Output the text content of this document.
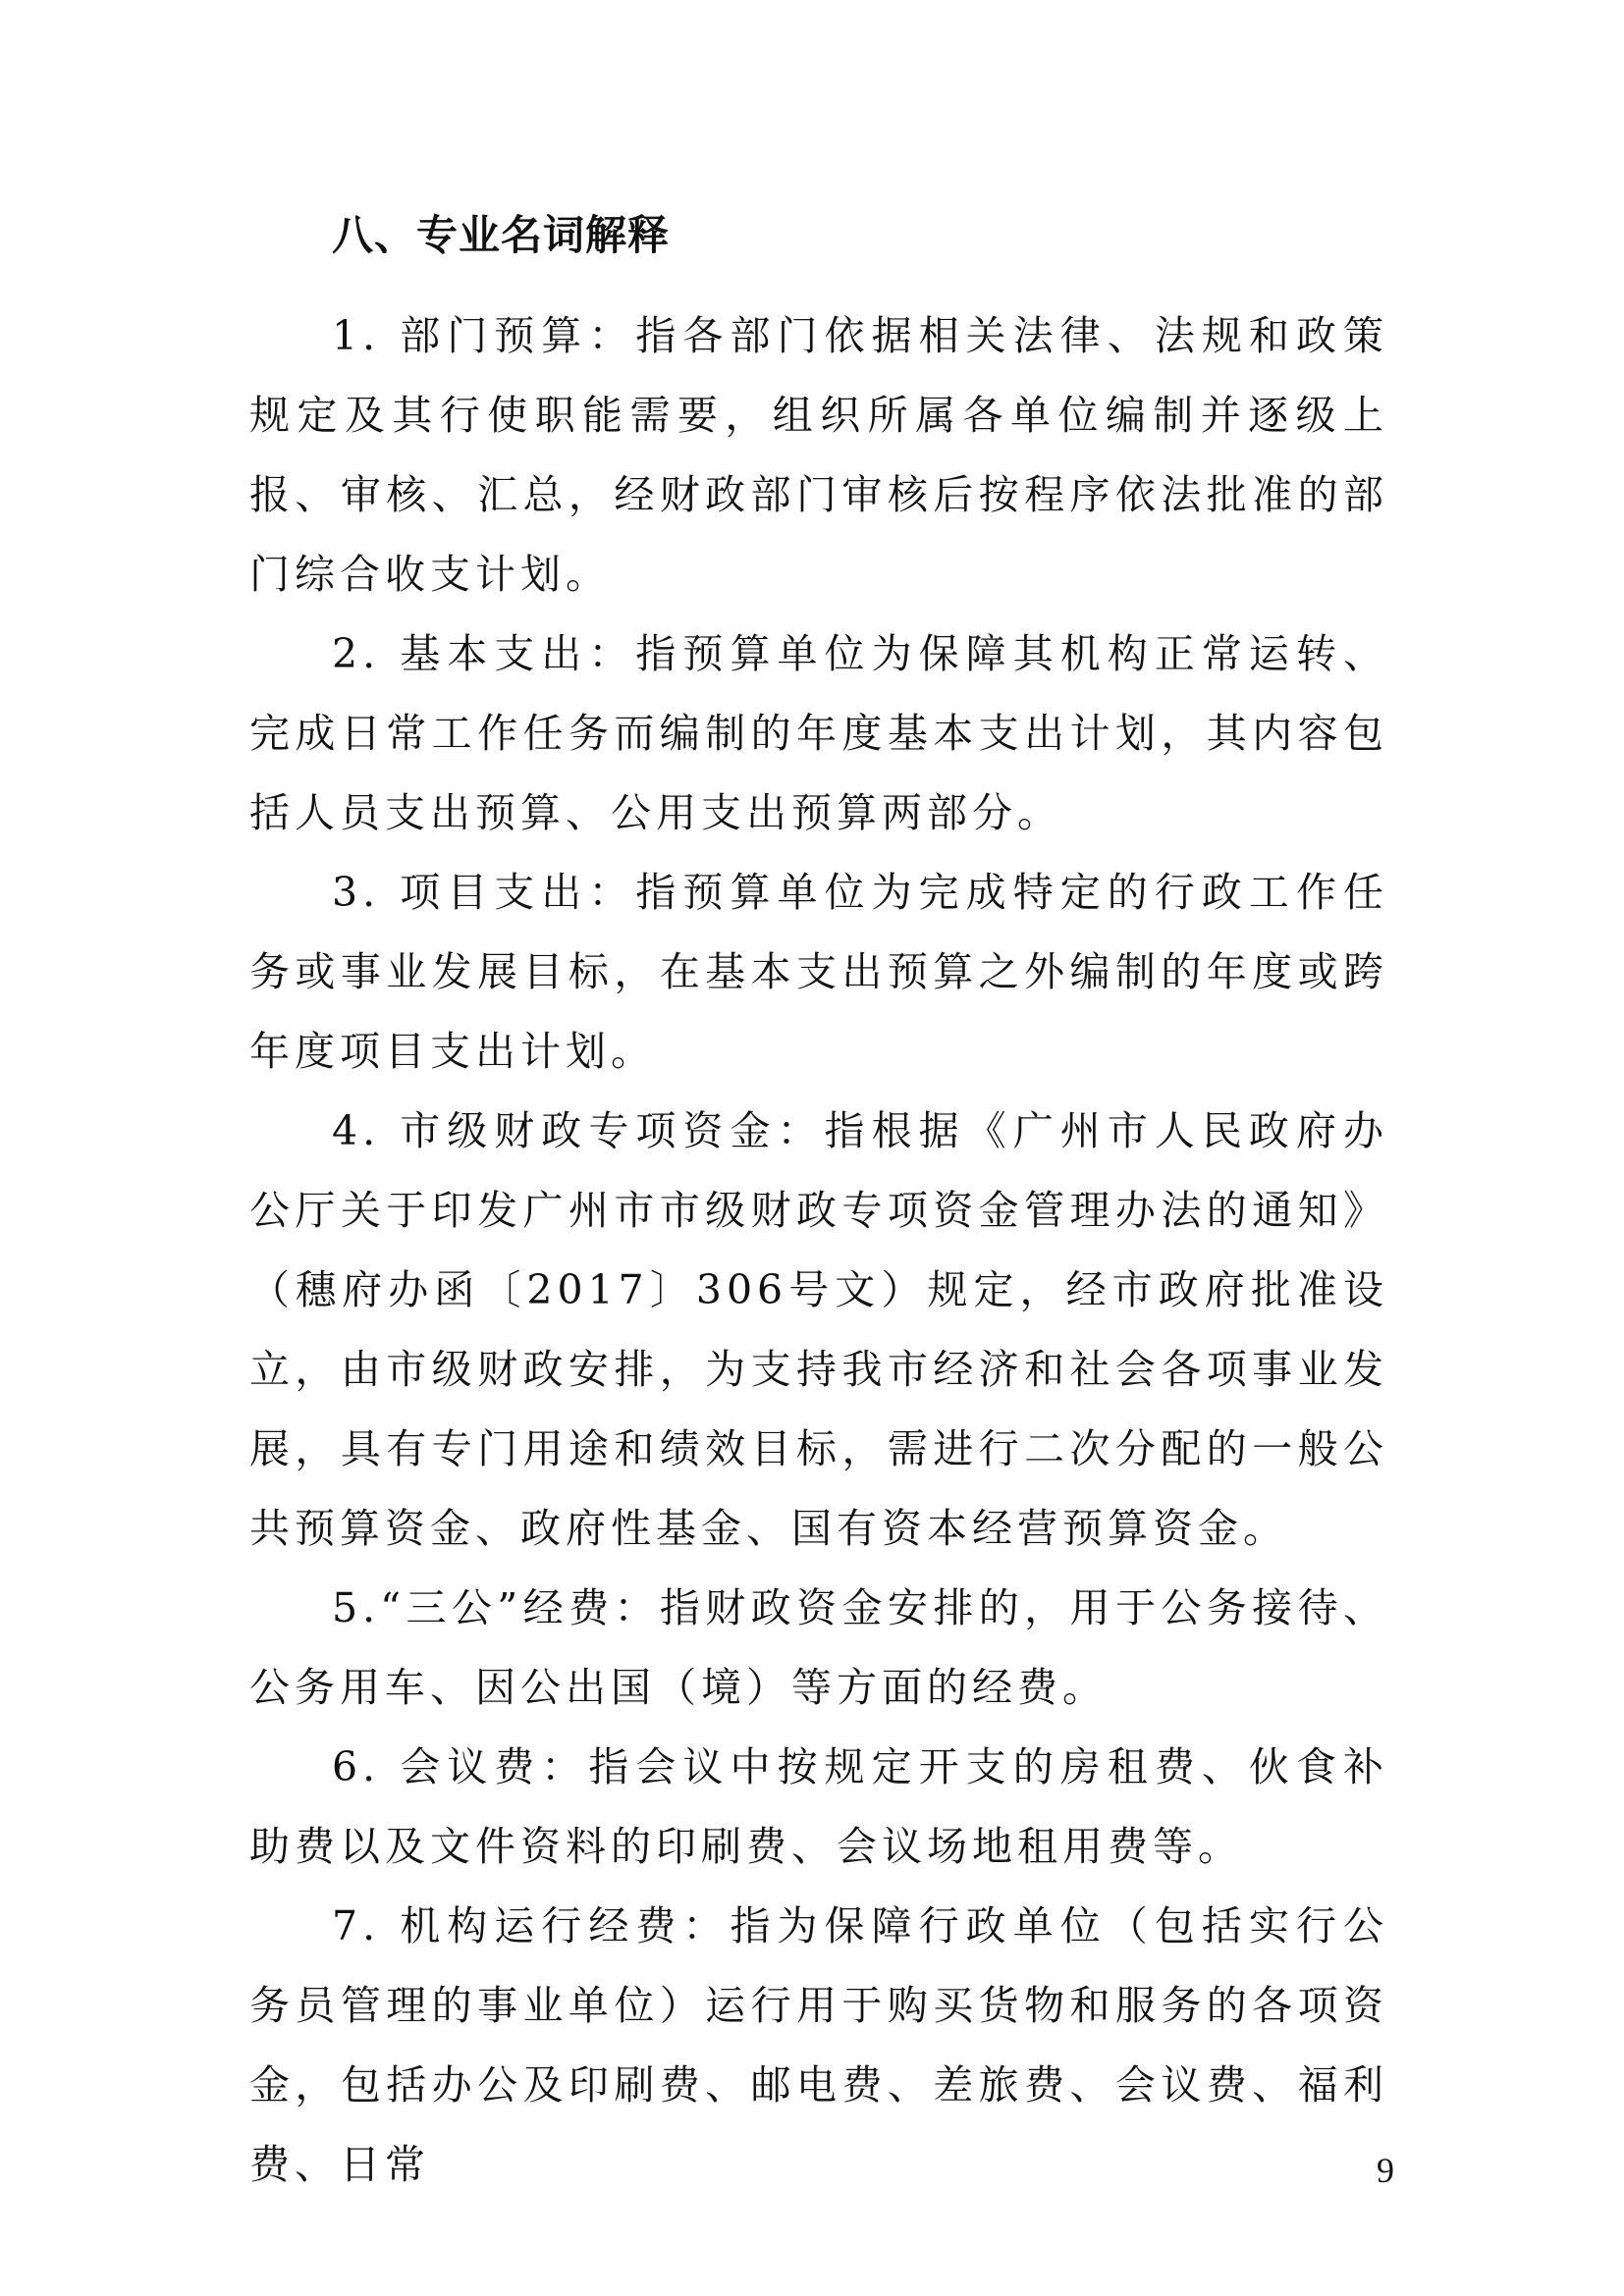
八、专业名词解释

1. 部门预算：指各部门依据相关法律、法规和政策规定及其行使职能需要，组织所属各单位编制并逐级上报、审核、汇总，经财政部门审核后按程序依法批准的部门综合收支计划。

2. 基本支出：指预算单位为保障其机构正常运转、完成日常工作任务而编制的年度基本支出计划，其内容包括人员支出预算、公用支出预算两部分。

3. 项目支出：指预算单位为完成特定的行政工作任务或事业发展目标，在基本支出预算之外编制的年度或跨年度项目支出计划。

4. 市级财政专项资金：指根据《广州市人民政府办公厅关于印发广州市市级财政专项资金管理办法的通知》（穗府办函〔2017〕306号文）规定，经市政府批准设立，由市级财政安排，为支持我市经济和社会各项事业发展，具有专门用途和绩效目标，需进行二次分配的一般公共预算资金、政府性基金、国有资本经营预算资金。

5.“三公”经费：指财政资金安排的，用于公务接待、公务用车、因公出国（境）等方面的经费。

6. 会议费：指会议中按规定开支的房租费、伙食补助费以及文件资料的印刷费、会议场地租用费等。

7. 机构运行经费：指为保障行政单位（包括实行公务员管理的事业单位）运行用于购买货物和服务的各项资金，包括办公及印刷费、邮电费、差旅费、会议费、福利费、日常	9
